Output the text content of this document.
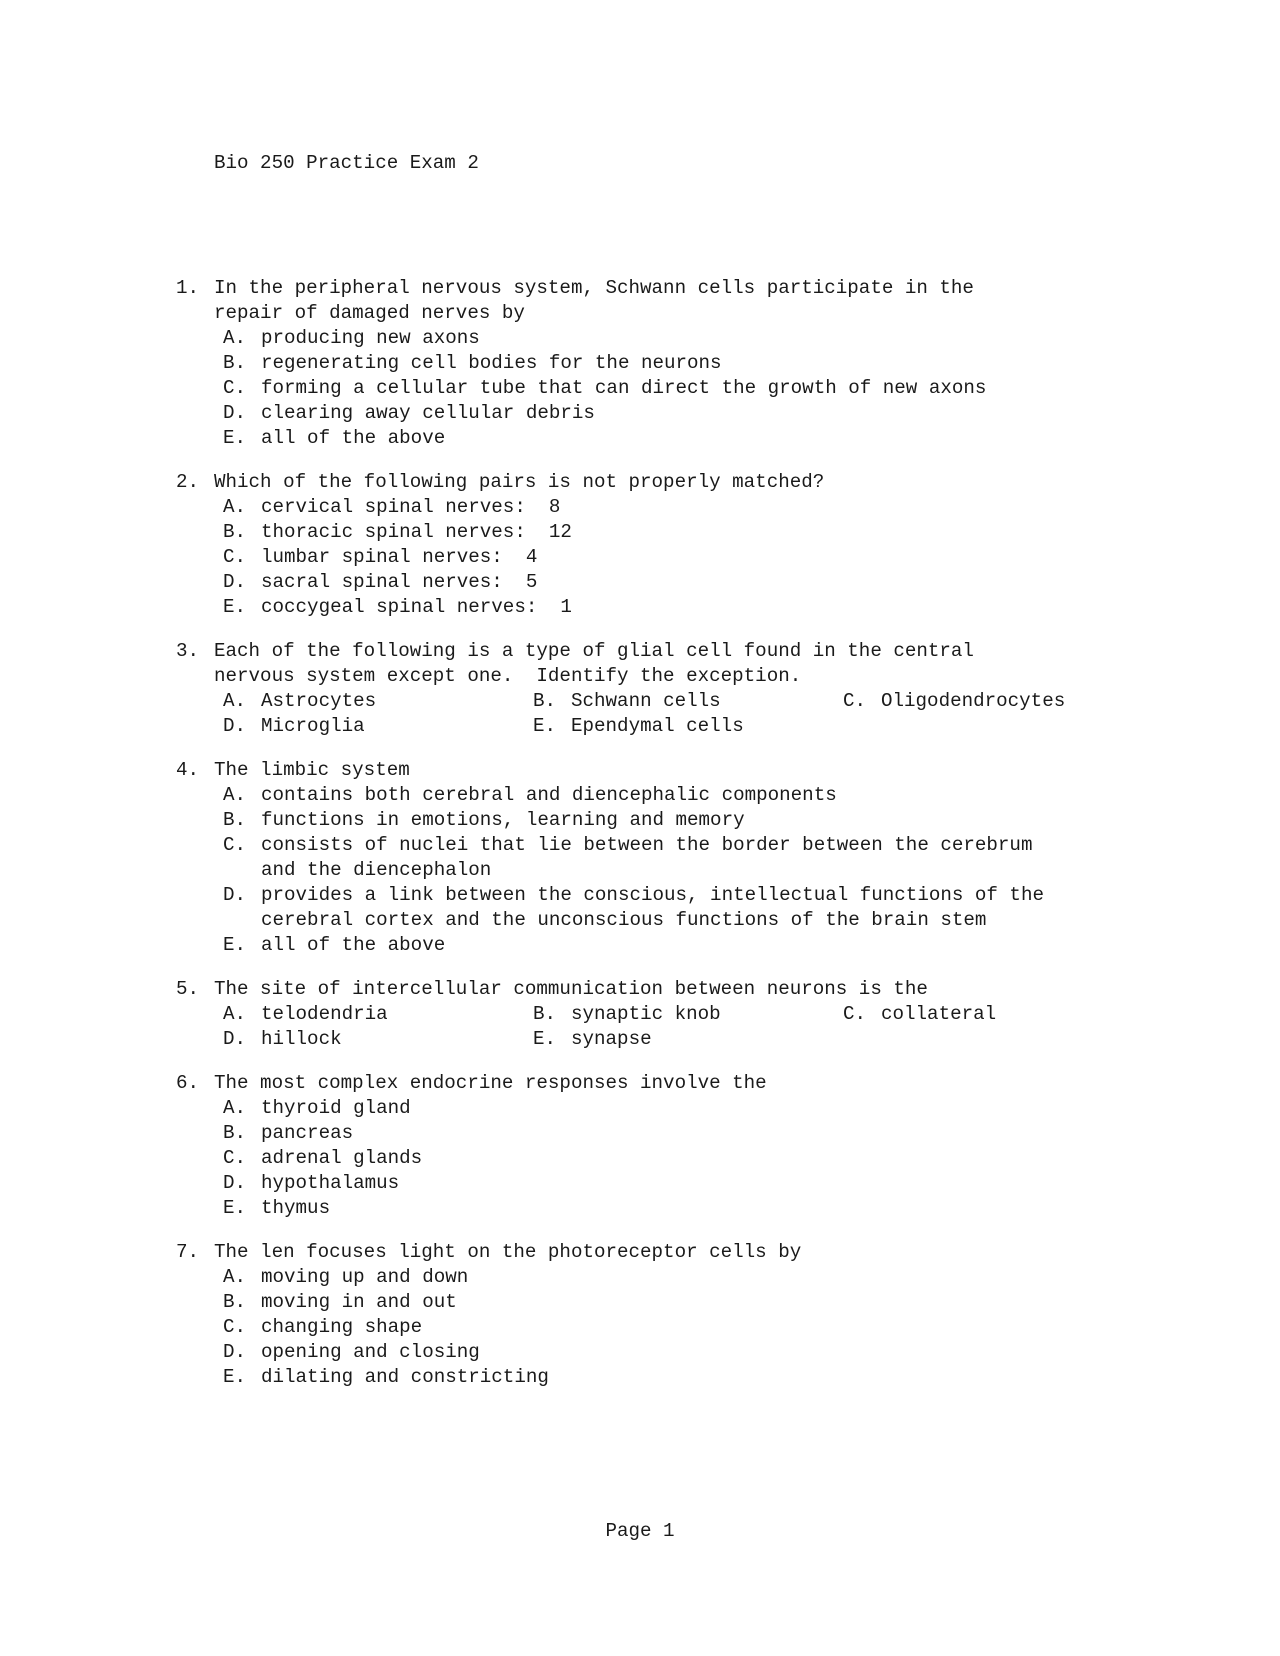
Bio 250 Practice Exam 2
1. In the peripheral nervous system, Schwann cells participate in the
repair of damaged nerves by
A. producing new axons
B. regenerating cell bodies for the neurons
C. forming a cellular tube that can direct the growth of new axons
D. clearing away cellular debris
E. all of the above
2. Which of the following pairs is not properly matched?
A. cervical spinal nerves:  8
B. thoracic spinal nerves:  12
C. lumbar spinal nerves:  4
D. sacral spinal nerves:  5
E. coccygeal spinal nerves:  1
3. Each of the following is a type of glial cell found in the central
nervous system except one.  Identify the exception.
A. Astrocytes	B. Schwann cells	C. Oligodendrocytes
D. Microglia	E. Ependymal cells
4. The limbic system
A. contains both cerebral and diencephalic components
B. functions in emotions, learning and memory
C. consists of nuclei that lie between the border between the cerebrum
and the diencephalon
D. provides a link between the conscious, intellectual functions of the
cerebral cortex and the unconscious functions of the brain stem
E. all of the above
5. The site of intercellular communication between neurons is the
A. telodendria	B. synaptic knob	C. collateral
D. hillock	E. synapse
6. The most complex endocrine responses involve the
A. thyroid gland
B. pancreas
C. adrenal glands
D. hypothalamus
E. thymus
7. The len focuses light on the photoreceptor cells by
A. moving up and down
B. moving in and out
C. changing shape
D. opening and closing
E. dilating and constricting
Page 1
